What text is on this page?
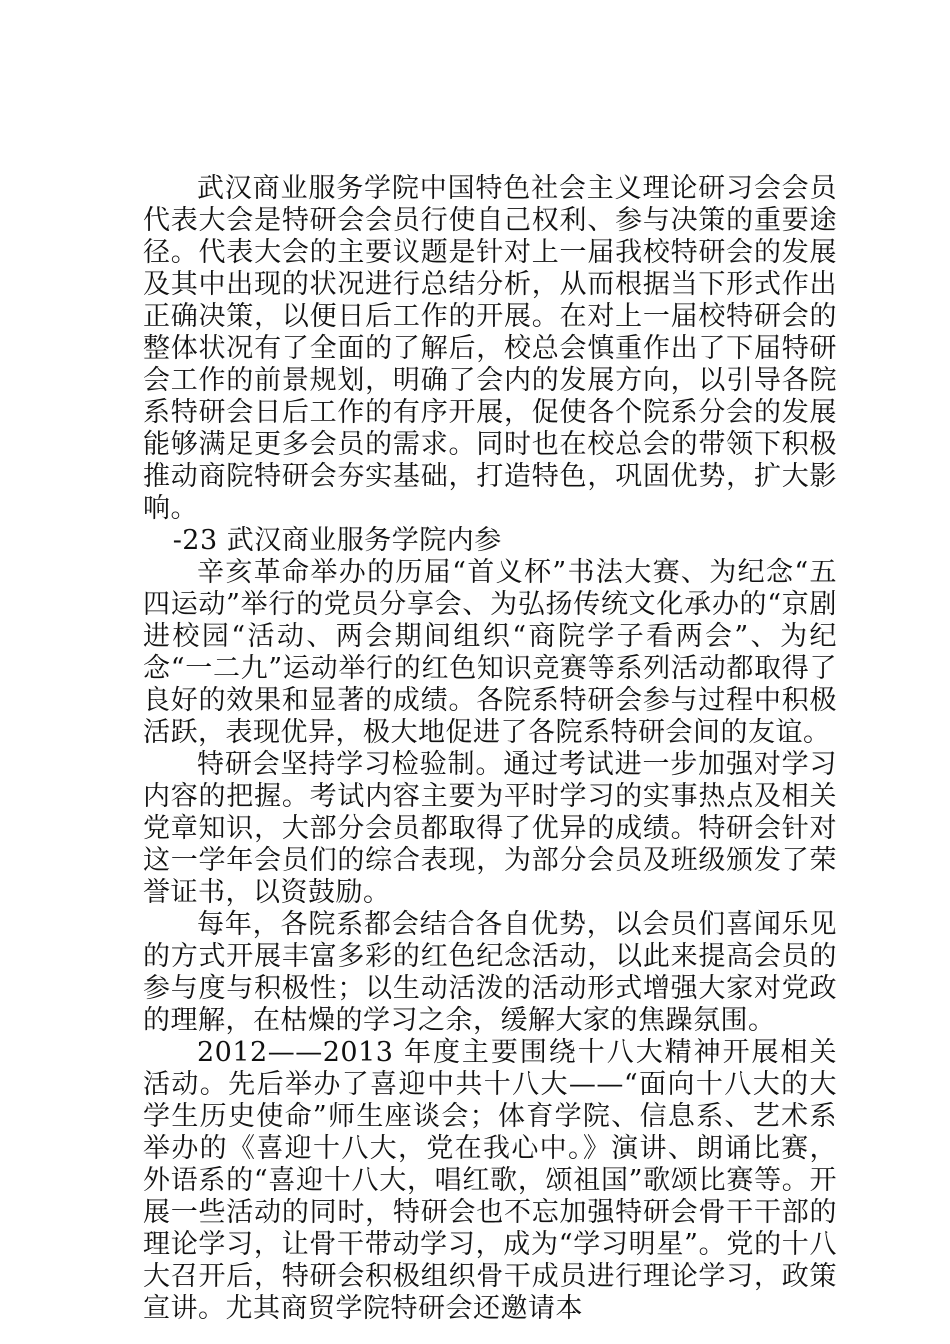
武汉商业服务学院中国特色社会主义理论研习会会员代表大会是特研会会员行使自己权利、参与决策的重要途径。代表大会的主要议题是针对上一届我校特研会的发展及其中出现的状况进行总结分析，从而根据当下形式作出正确决策，以便日后工作的开展。在对上一届校特研会的整体状况有了全面的了解后，校总会慎重作出了下届特研会工作的前景规划，明确了会内的发展方向，以引导各院系特研会日后工作的有序开展，促使各个院系分会的发展能够满足更多会员的需求。同时也在校总会的带领下积极推动商院特研会夯实基础，打造特色，巩固优势，扩大影响。

-23 武汉商业服务学院内参

辛亥革命举办的历届“首义杯”书法大赛、为纪念“五四运动”举行的党员分享会、为弘扬传统文化承办的“京剧进校园“活动、两会期间组织“商院学子看两会”、为纪念“一二九”运动举行的红色知识竞赛等系列活动都取得了良好的效果和显著的成绩。各院系特研会参与过程中积极活跃，表现优异，极大地促进了各院系特研会间的友谊。

特研会坚持学习检验制。通过考试进一步加强对学习内容的把握。考试内容主要为平时学习的实事热点及相关党章知识，大部分会员都取得了优异的成绩。特研会针对这一学年会员们的综合表现，为部分会员及班级颁发了荣誉证书，以资鼓励。

每年，各院系都会结合各自优势，以会员们喜闻乐见的方式开展丰富多彩的红色纪念活动，以此来提高会员的参与度与积极性；以生动活泼的活动形式增强大家对党政的理解，在枯燥的学习之余，缓解大家的焦躁氛围。

2012——2013 年度主要围绕十八大精神开展相关活动。先后举办了喜迎中共十八大——“面向十八大的大学生历史使命”师生座谈会；体育学院、信息系、艺术系举办的《喜迎十八大，党在我心中。》演讲、朗诵比赛，外语系的“喜迎十八大，唱红歌，颂祖国”歌颂比赛等。开展一些活动的同时，特研会也不忘加强特研会骨干干部的理论学习，让骨干带动学习，成为“学习明星”。党的十八大召开后，特研会积极组织骨干成员进行理论学习，政策宣讲。尤其商贸学院特研会还邀请本
